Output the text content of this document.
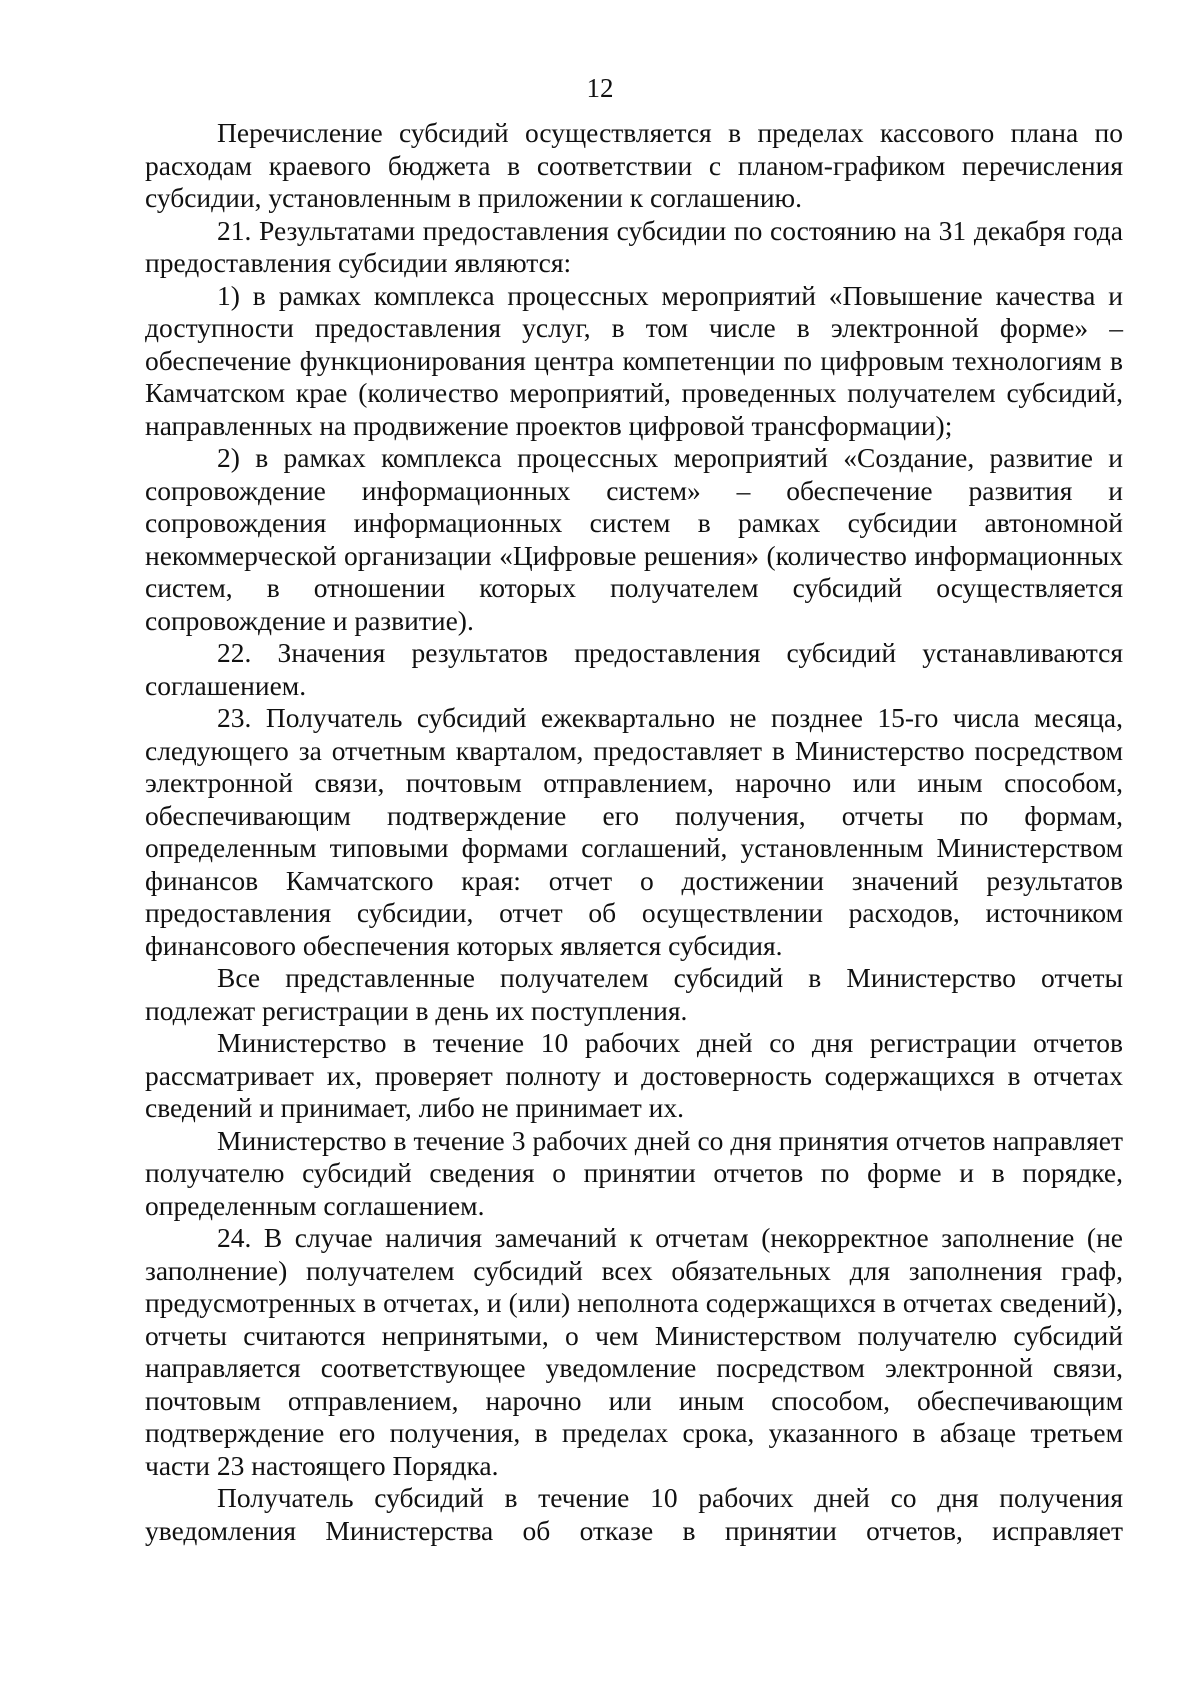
12

Перечисление субсидий осуществляется в пределах кассового плана по расходам краевого бюджета в соответствии с планом-графиком перечисления субсидии, установленным в приложении к соглашению.

21. Результатами предоставления субсидии по состоянию на 31 декабря года предоставления субсидии являются:

1) в рамках комплекса процессных мероприятий «Повышение качества и доступности предоставления услуг, в том числе в электронной форме» – обеспечение функционирования центра компетенции по цифровым технологиям в Камчатском крае (количество мероприятий, проведенных получателем субсидий, направленных на продвижение проектов цифровой трансформации);

2) в рамках комплекса процессных мероприятий «Создание, развитие и сопровождение информационных систем» – обеспечение развития и сопровождения информационных систем в рамках субсидии автономной некоммерческой организации «Цифровые решения» (количество информационных систем, в отношении которых получателем субсидий осуществляется сопровождение и развитие).

22. Значения результатов предоставления субсидий устанавливаются соглашением.

23. Получатель субсидий ежеквартально не позднее 15-го числа месяца, следующего за отчетным кварталом, предоставляет в Министерство посредством электронной связи, почтовым отправлением, нарочно или иным способом, обеспечивающим подтверждение его получения, отчеты по формам, определенным типовыми формами соглашений, установленным Министерством финансов Камчатского края: отчет о достижении значений результатов предоставления субсидии, отчет об осуществлении расходов, источником финансового обеспечения которых является субсидия.

Все представленные получателем субсидий в Министерство отчеты подлежат регистрации в день их поступления.

Министерство в течение 10 рабочих дней со дня регистрации отчетов рассматривает их, проверяет полноту и достоверность содержащихся в отчетах сведений и принимает, либо не принимает их.

Министерство в течение 3 рабочих дней со дня принятия отчетов направляет получателю субсидий сведения о принятии отчетов по форме и в порядке, определенным соглашением.

24. В случае наличия замечаний к отчетам (некорректное заполнение (не заполнение) получателем субсидий всех обязательных для заполнения граф, предусмотренных в отчетах, и (или) неполнота содержащихся в отчетах сведений), отчеты считаются непринятыми, о чем Министерством получателю субсидий направляется соответствующее уведомление посредством электронной связи, почтовым отправлением, нарочно или иным способом, обеспечивающим подтверждение его получения, в пределах срока, указанного в абзаце третьем части 23 настоящего Порядка.

Получатель субсидий в течение 10 рабочих дней со дня получения уведомления Министерства об отказе в принятии отчетов, исправляет
